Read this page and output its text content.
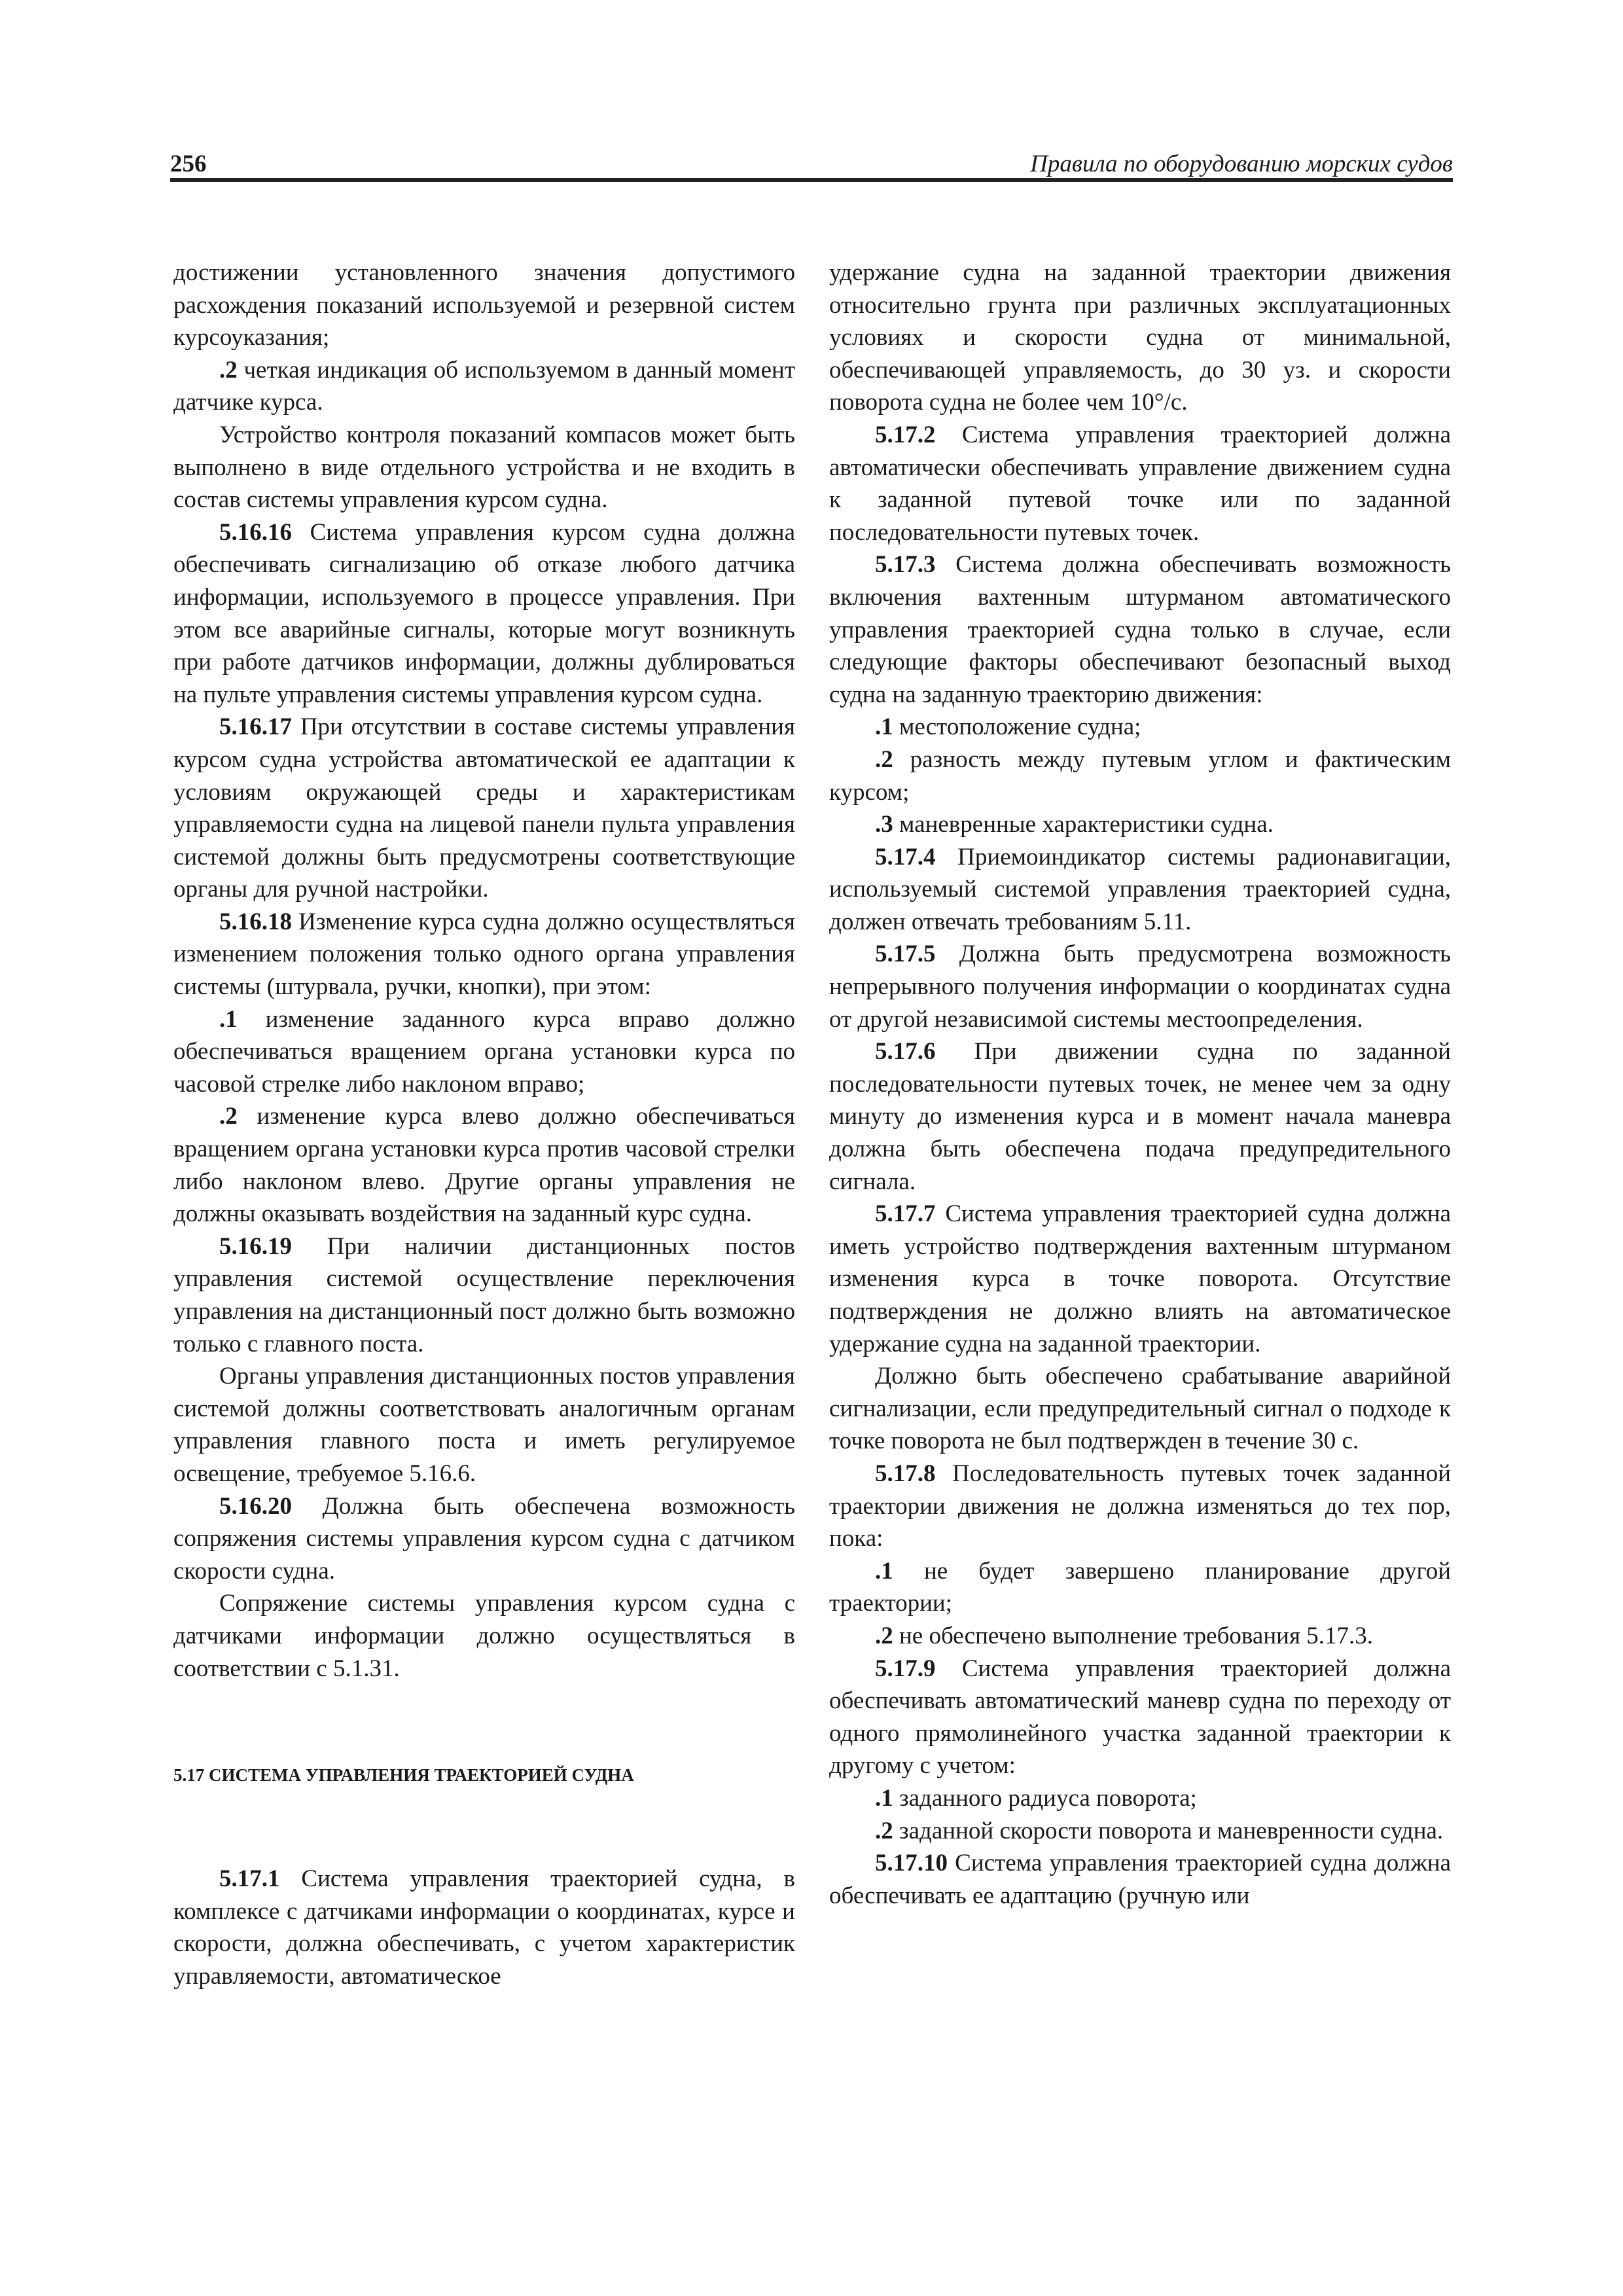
256	Правила по оборудованию морских судов

достижении установленного значения допустимого расхождения показаний используемой и резервной систем курсоуказания;

.2 четкая индикация об используемом в данный момент датчике курса.

Устройство контроля показаний компасов может быть выполнено в виде отдельного устройства и не входить в состав системы управления курсом судна.

5.16.16 Система управления курсом судна должна обеспечивать сигнализацию об отказе любого датчика информации, используемого в процессе управления. При этом все аварийные сигналы, которые могут возникнуть при работе датчиков информации, должны дублироваться на пульте управления системы управления курсом судна.

5.16.17 При отсутствии в составе системы управления курсом судна устройства автоматической ее адаптации к условиям окружающей среды и характеристикам управляемости судна на лицевой панели пульта управления системой должны быть предусмотрены соответствующие органы для ручной настройки.

5.16.18 Изменение курса судна должно осуществляться изменением положения только одного органа управления системы (штурвала, ручки, кнопки), при этом:

.1 изменение заданного курса вправо должно обеспечиваться вращением органа установки курса по часовой стрелке либо наклоном вправо;

.2 изменение курса влево должно обеспечиваться вращением органа установки курса против часовой стрелки либо наклоном влево. Другие органы управления не должны оказывать воздействия на заданный курс судна.

5.16.19 При наличии дистанционных постов управления системой осуществление переключения управления на дистанционный пост должно быть возможно только с главного поста.

Органы управления дистанционных постов управления системой должны соответствовать аналогичным органам управления главного поста и иметь регулируемое освещение, требуемое 5.16.6.

5.16.20 Должна быть обеспечена возможность сопряжения системы управления курсом судна с датчиком скорости судна.

Сопряжение системы управления курсом судна с датчиками информации должно осуществляться в соответствии с 5.1.31.

5.17 СИСТЕМА УПРАВЛЕНИЯ ТРАЕКТОРИЕЙ СУДНА

5.17.1 Система управления траекторией судна, в комплексе с датчиками информации о координатах, курсе и скорости, должна обеспечивать, с учетом характеристик управляемости, автоматическое

удержание судна на заданной траектории движения относительно грунта при различных эксплуатационных условиях и скорости судна от минимальной, обеспечивающей управляемость, до 30 уз. и скорости поворота судна не более чем 10°/с.

5.17.2 Система управления траекторией должна автоматически обеспечивать управление движением судна к заданной путевой точке или по заданной последовательности путевых точек.

5.17.3 Система должна обеспечивать возможность включения вахтенным штурманом автоматического управления траекторией судна только в случае, если следующие факторы обеспечивают безопасный выход судна на заданную траекторию движения:

.1 местоположение судна;

.2 разность между путевым углом и фактическим курсом;

.3 маневренные характеристики судна.

5.17.4 Приемоиндикатор системы радионавигации, используемый системой управления траекторией судна, должен отвечать требованиям 5.11.

5.17.5 Должна быть предусмотрена возможность непрерывного получения информации о координатах судна от другой независимой системы местоопределения.

5.17.6 При движении судна по заданной последовательности путевых точек, не менее чем за одну минуту до изменения курса и в момент начала маневра должна быть обеспечена подача предупредительного сигнала.

5.17.7 Система управления траекторией судна должна иметь устройство подтверждения вахтенным штурманом изменения курса в точке поворота. Отсутствие подтверждения не должно влиять на автоматическое удержание судна на заданной траектории.

Должно быть обеспечено срабатывание аварийной сигнализации, если предупредительный сигнал о подходе к точке поворота не был подтвержден в течение 30 с.

5.17.8 Последовательность путевых точек заданной траектории движения не должна изменяться до тех пор, пока:

.1 не будет завершено планирование другой траектории;

.2 не обеспечено выполнение требования 5.17.3.

5.17.9 Система управления траекторией должна обеспечивать автоматический маневр судна по переходу от одного прямолинейного участка заданной траектории к другому с учетом:

.1 заданного радиуса поворота;

.2 заданной скорости поворота и маневренности судна.

5.17.10 Система управления траекторией судна должна обеспечивать ее адаптацию (ручную или
